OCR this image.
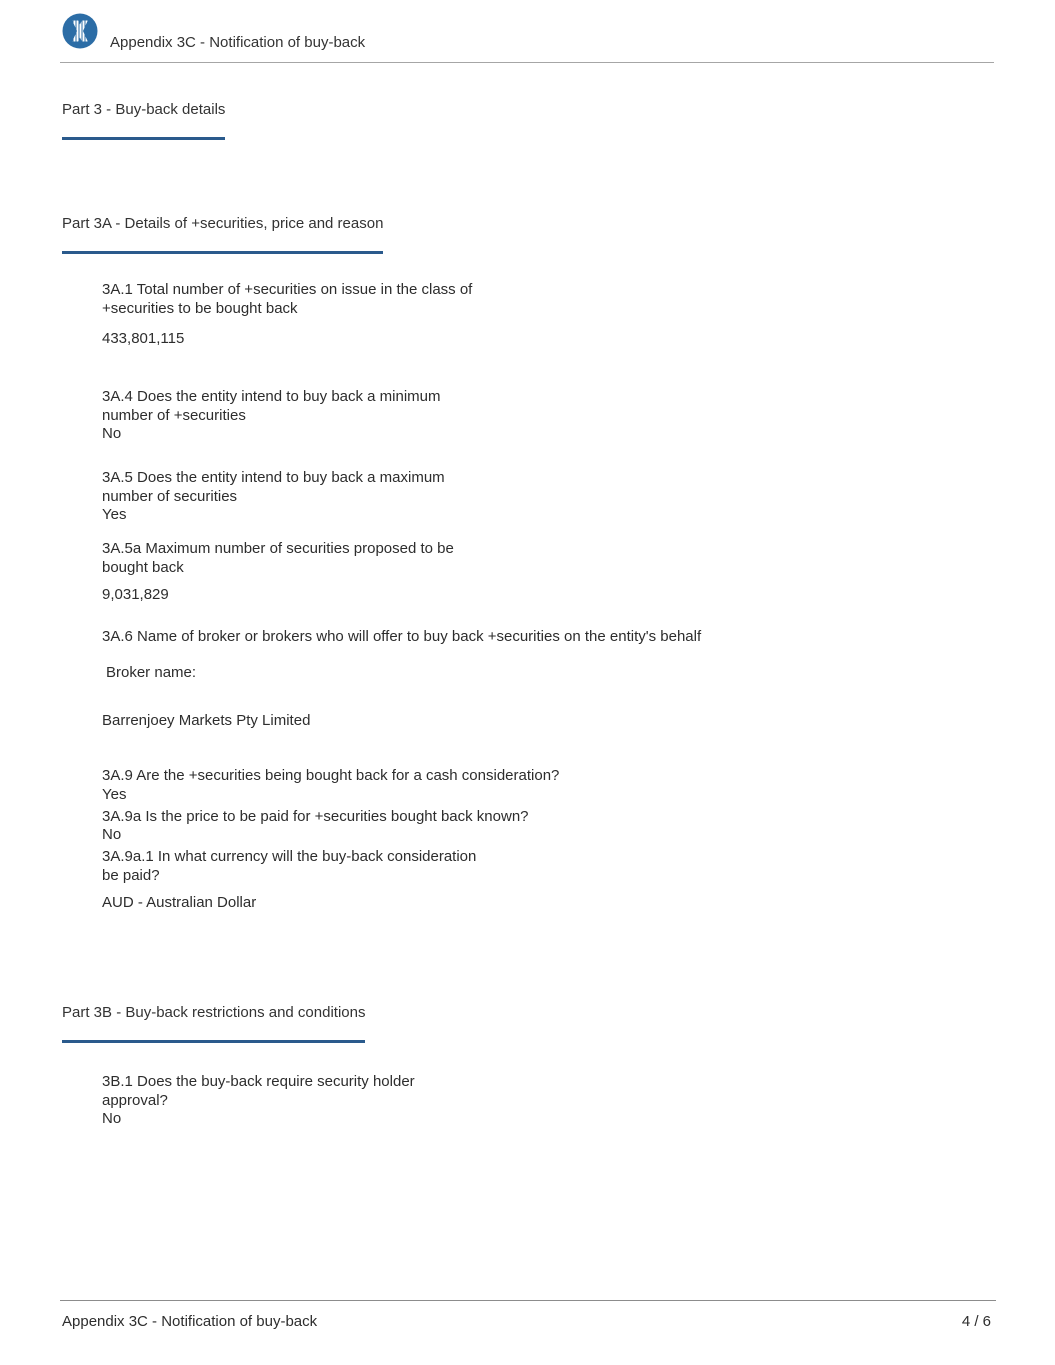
Appendix 3C - Notification of buy-back
Part 3 - Buy-back details
Part 3A - Details of +securities, price and reason
3A.1 Total number of +securities on issue in the class of
+securities to be bought back
433,801,115
3A.4 Does the entity intend to buy back a minimum
number of +securities
No
3A.5 Does the entity intend to buy back a maximum
number of securities
Yes
3A.5a Maximum number of securities proposed to be
bought back
9,031,829
3A.6 Name of broker or brokers who will offer to buy back +securities on the entity's behalf
Broker name:
Barrenjoey Markets Pty Limited
3A.9 Are the +securities being bought back for a cash consideration?
Yes
3A.9a Is the price to be paid for +securities bought back known?
No
3A.9a.1 In what currency will the buy-back consideration
be paid?
AUD - Australian Dollar
Part 3B - Buy-back restrictions and conditions
3B.1 Does the buy-back require security holder
approval?
No
Appendix 3C - Notification of buy-back	4 / 6
